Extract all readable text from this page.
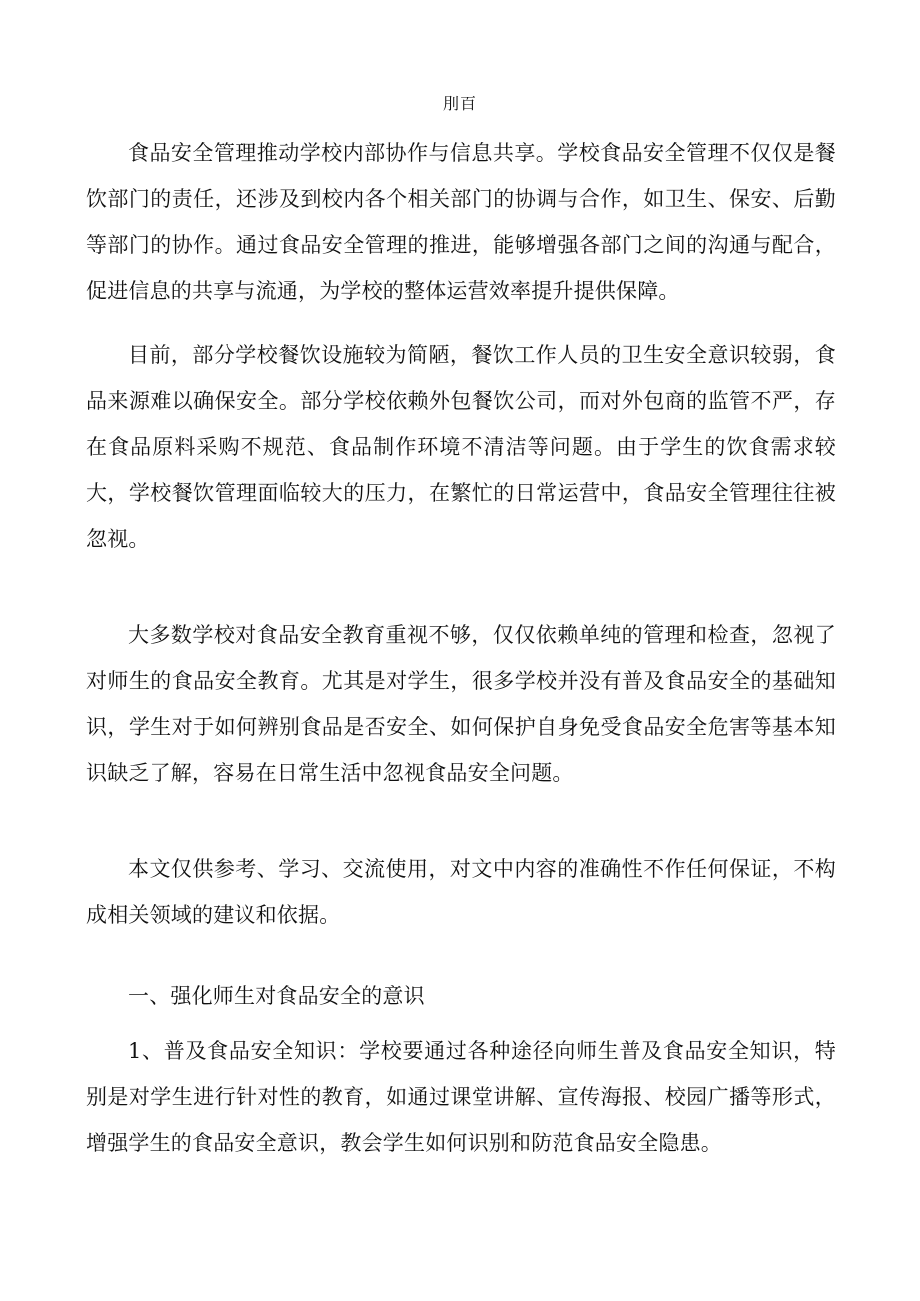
刖百

食品安全管理推动学校内部协作与信息共享。学校食品安全管理不仅仅是餐饮部门的责任，还涉及到校内各个相关部门的协调与合作，如卫生、保安、后勤等部门的协作。通过食品安全管理的推进，能够增强各部门之间的沟通与配合，促进信息的共享与流通，为学校的整体运营效率提升提供保障。

目前，部分学校餐饮设施较为简陋，餐饮工作人员的卫生安全意识较弱，食品来源难以确保安全。部分学校依赖外包餐饮公司，而对外包商的监管不严，存在食品原料采购不规范、食品制作环境不清洁等问题。由于学生的饮食需求较大，学校餐饮管理面临较大的压力，在繁忙的日常运营中，食品安全管理往往被忽视。

大多数学校对食品安全教育重视不够，仅仅依赖单纯的管理和检查，忽视了对师生的食品安全教育。尤其是对学生，很多学校并没有普及食品安全的基础知识，学生对于如何辨别食品是否安全、如何保护自身免受食品安全危害等基本知识缺乏了解，容易在日常生活中忽视食品安全问题。

本文仅供参考、学习、交流使用，对文中内容的准确性不作任何保证，不构成相关领域的建议和依据。

一、强化师生对食品安全的意识

1、普及食品安全知识：学校要通过各种途径向师生普及食品安全知识，特别是对学生进行针对性的教育，如通过课堂讲解、宣传海报、校园广播等形式，增强学生的食品安全意识，教会学生如何识别和防范食品安全隐患。
